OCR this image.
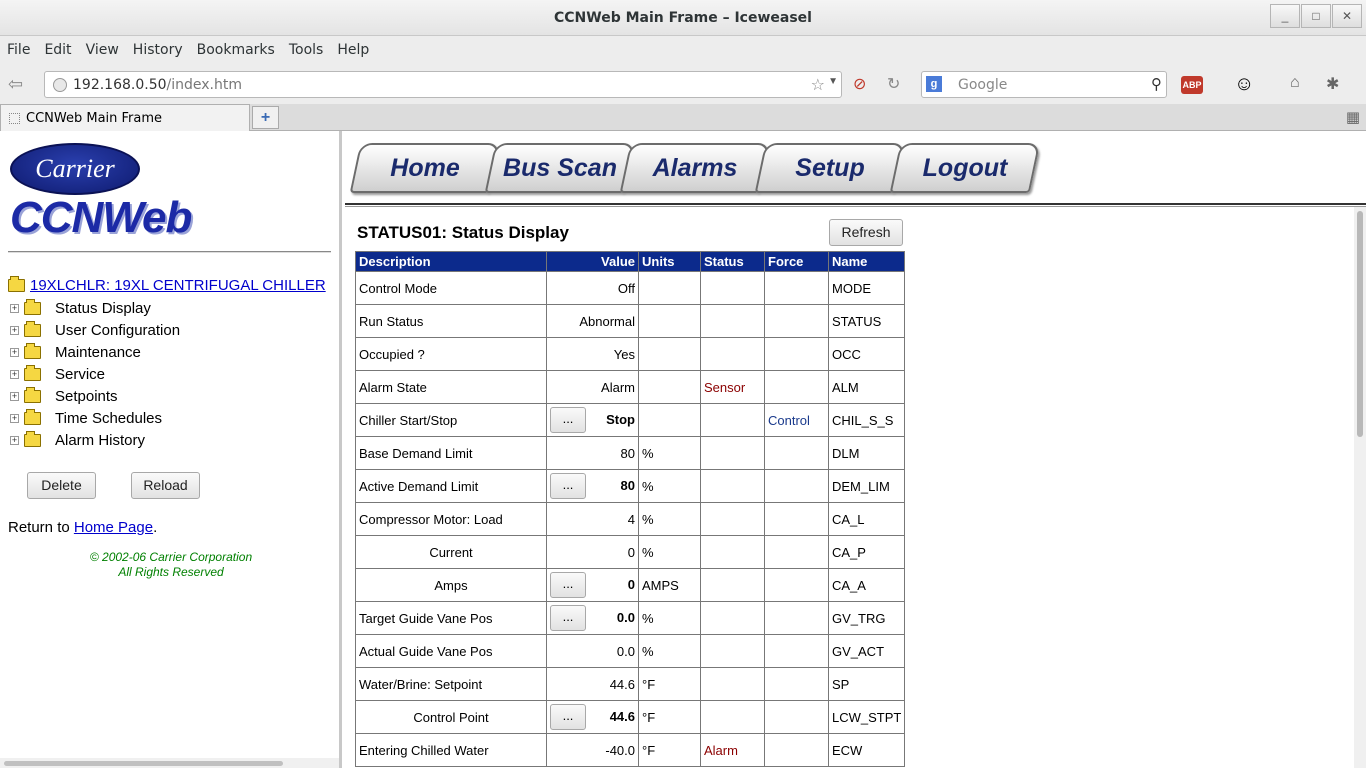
CCNWeb Main Frame – Iceweasel	_	□	✕
File Edit View History Bookmarks Tools Help
⇦	192.168.0.50/index.htm	☆ ▼ ⊘ ↻	g	Google	⚲ ABP ☺ ⌂ ✱
CCNWeb Main Frame	+	▦
Carrier
CCNWeb
19XLCHLR: 19XL CENTRIFUGAL CHILLER
+	Status Display
+	User Configuration
+	Maintenance
+	Service
+	Setpoints
+	Time Schedules
+	Alarm History
Delete	Reload
Return to Home Page.
© 2002-06 Carrier Corporation
All Rights Reserved
Home	Bus Scan	Alarms	Setup	Logout
STATUS01: Status Display	Refresh
Description	Value	Units	Status	Force	Name
Control Mode	Off				MODE
Run Status	Abnormal				STATUS
Occupied ?	Yes				OCC
Alarm State	Alarm		Sensor		ALM
Chiller Start/Stop	... Stop			Control	CHIL_S_S
Base Demand Limit	80	%			DLM
Active Demand Limit	... 80	%			DEM_LIM
Compressor Motor: Load	4	%			CA_L
Current	0	%			CA_P
Amps	... 0	AMPS			CA_A
Target Guide Vane Pos	... 0.0	%			GV_TRG
Actual Guide Vane Pos	0.0	%			GV_ACT
Water/Brine: Setpoint	44.6	°F			SP
Control Point	... 44.6	°F			LCW_STPT
Entering Chilled Water	-40.0	°F	Alarm		ECW
